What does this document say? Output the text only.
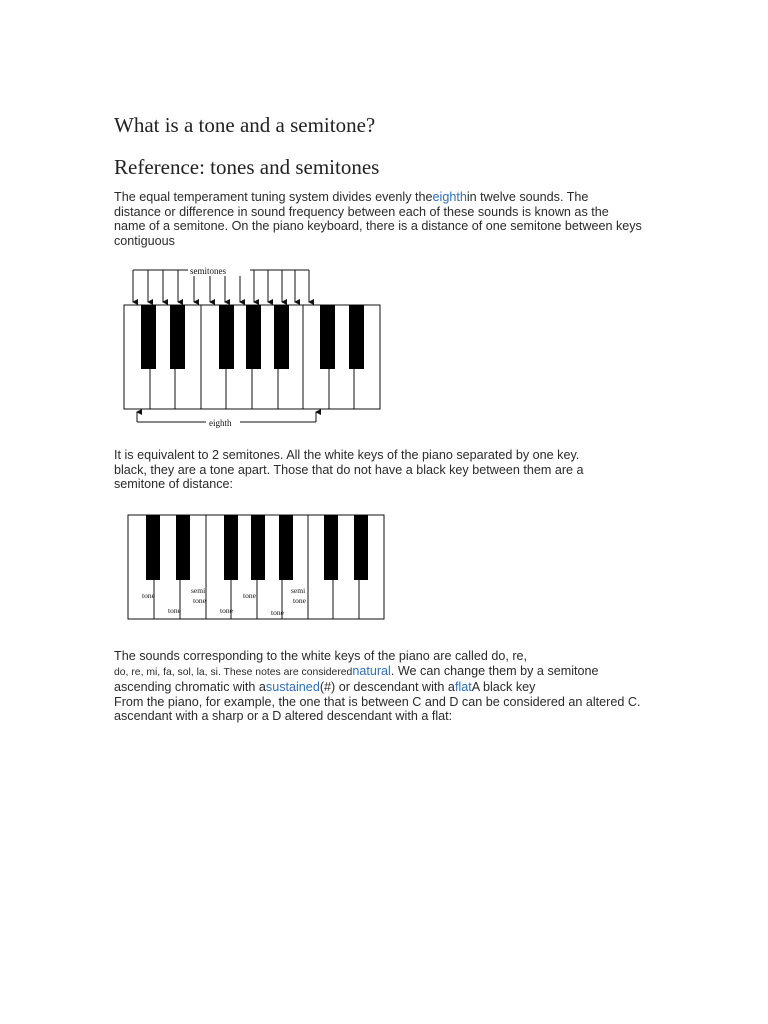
What is a tone and a semitone?
Reference: tones and semitones
The equal temperament tuning system divides evenly theeighthin twelve sounds. The
distance or difference in sound frequency between each of these sounds is known as the
name of a semitone. On the piano keyboard, there is a distance of one semitone between keys
contiguous
semitones
eighth
It is equivalent to 2 semitones. All the white keys of the piano separated by one key.
black, they are a tone apart. Those that do not have a black key between them are a
semitone of distance:
tone
semi
tone
tone
semi
tone
tone	tone	tone
The sounds corresponding to the white keys of the piano are called do, re,
do, re, mi, fa, sol, la, si. These notes are considerednatural. We can change them by a semitone
ascending chromatic with asustained(#) or descendant with aflatA black key
From the piano, for example, the one that is between C and D can be considered an altered C.
ascendant with a sharp or a D altered descendant with a flat:
